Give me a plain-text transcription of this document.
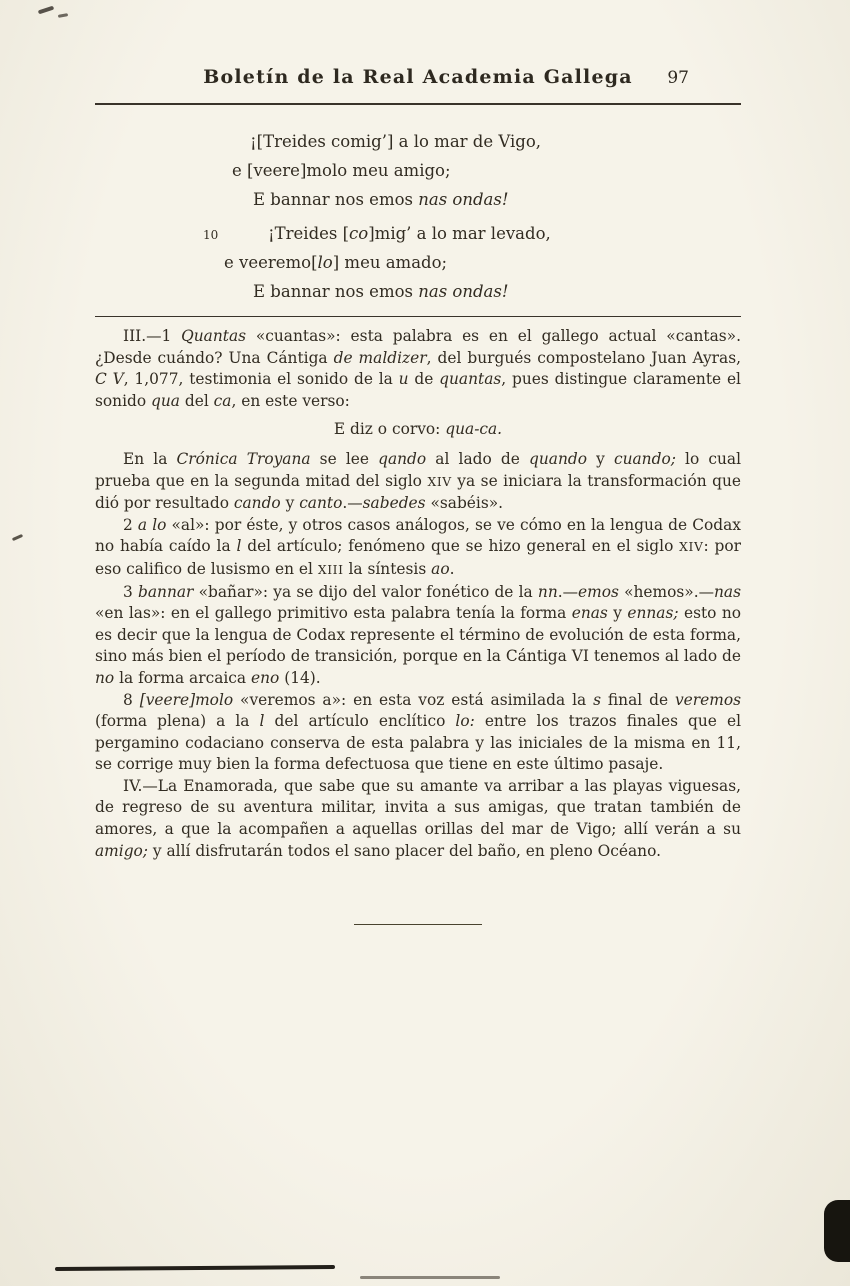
Boletín de la Real Academia Gallega	97
¡[Treides comig’] a lo mar de Vigo,
e [veere]molo meu amigo;
E bannar nos emos nas ondas!
10	¡Treides [co]mig’ a lo mar levado,
e veeremo[lo] meu amado;
E bannar nos emos nas ondas!

III.—1 Quantas «cuantas»: esta palabra es en el gallego actual «cantas». ¿Desde cuándo? Una Cántiga de maldizer, del burgués compostelano Juan Ayras, C V, 1,077, testimonia el sonido de la u de quantas, pues distingue claramente el sonido qua del ca, en este verso:

E diz o corvo: qua-ca.

En la Crónica Troyana se lee qando al lado de quando y cuando; lo cual prueba que en la segunda mitad del siglo XIV ya se iniciara la transformación que dió por resultado cando y canto.—sabedes «sabéis».

2 a lo «al»: por éste, y otros casos análogos, se ve cómo en la lengua de Codax no había caído la l del artículo; fenómeno que se hizo general en el siglo XIV: por eso califico de lusismo en el XIII la síntesis ao.

3 bannar «bañar»: ya se dijo del valor fonético de la nn.—emos «hemos».—nas «en las»: en el gallego primitivo esta palabra tenía la forma enas y ennas; esto no es decir que la lengua de Codax represente el término de evolución de esta forma, sino más bien el período de transición, porque en la Cántiga VI tenemos al lado de no la forma arcaica eno (14).

8 [veere]molo «veremos a»: en esta voz está asimilada la s final de veremos (forma plena) a la l del artículo enclítico lo: entre los trazos finales que el pergamino codaciano conserva de esta palabra y las iniciales de la misma en 11, se corrige muy bien la forma defectuosa que tiene en este último pasaje.

IV.—La Enamorada, que sabe que su amante va arribar a las playas viguesas, de regreso de su aventura militar, invita a sus amigas, que tratan también de amores, a que la acompañen a aquellas orillas del mar de Vigo; allí verán a su amigo; y allí disfrutarán todos el sano placer del baño, en pleno Océano.
